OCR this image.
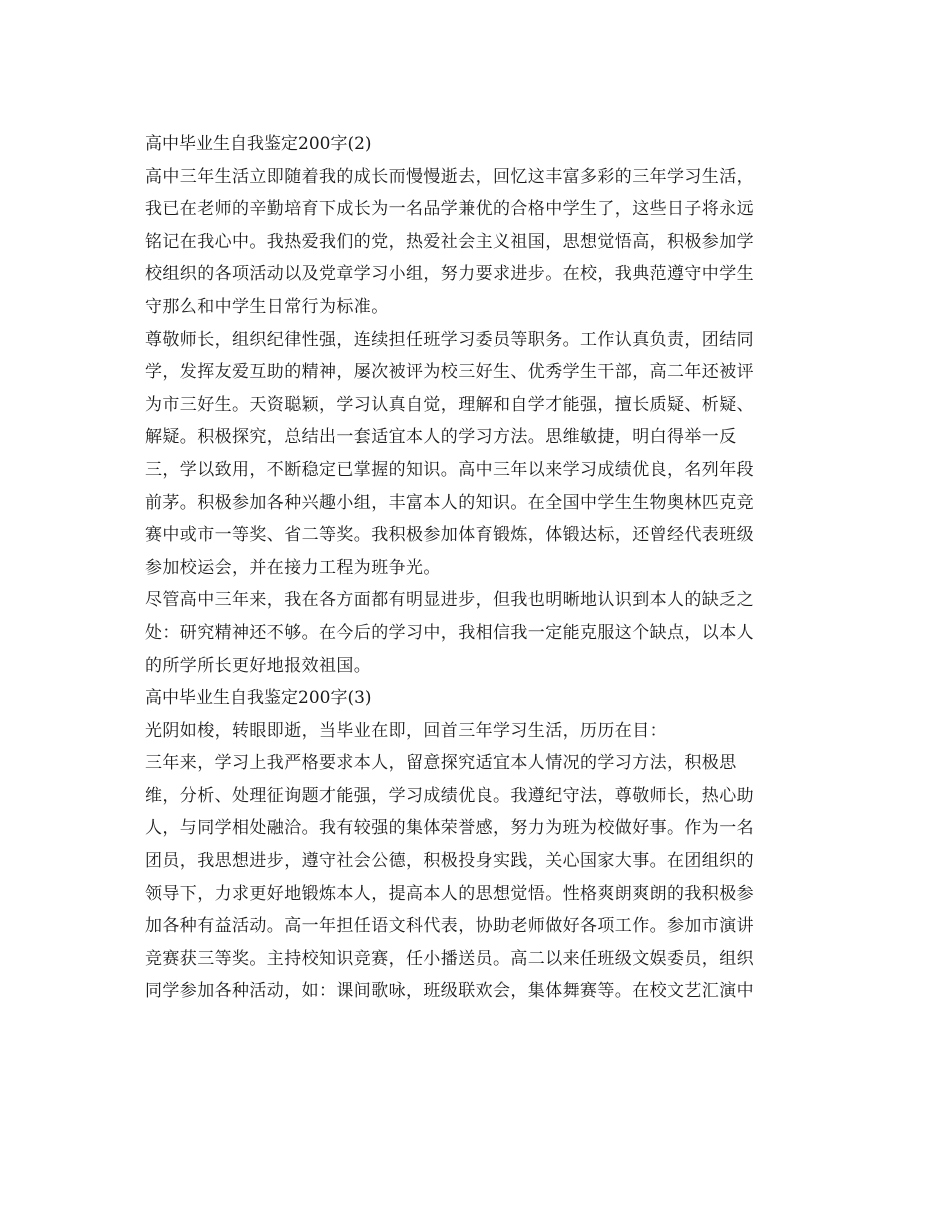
高中毕业生自我鉴定200字(2)
高中三年生活立即随着我的成长而慢慢逝去，回忆这丰富多彩的三年学习生活，
我已在老师的辛勤培育下成长为一名品学兼优的合格中学生了，这些日子将永远
铭记在我心中。我热爱我们的党，热爱社会主义祖国，思想觉悟高，积极参加学
校组织的各项活动以及党章学习小组，努力要求进步。在校，我典范遵守中学生
守那么和中学生日常行为标准。
尊敬师长，组织纪律性强，连续担任班学习委员等职务。工作认真负责，团结同
学，发挥友爱互助的精神，屡次被评为校三好生、优秀学生干部，高二年还被评
为市三好生。天资聪颖，学习认真自觉，理解和自学才能强，擅长质疑、析疑、
解疑。积极探究，总结出一套适宜本人的学习方法。思维敏捷，明白得举一反
三，学以致用，不断稳定已掌握的知识。高中三年以来学习成绩优良，名列年段
前茅。积极参加各种兴趣小组，丰富本人的知识。在全国中学生生物奥林匹克竞
赛中或市一等奖、省二等奖。我积极参加体育锻炼，体锻达标，还曾经代表班级
参加校运会，并在接力工程为班争光。
尽管高中三年来，我在各方面都有明显进步，但我也明晰地认识到本人的缺乏之
处：研究精神还不够。在今后的学习中，我相信我一定能克服这个缺点，以本人
的所学所长更好地报效祖国。
高中毕业生自我鉴定200字(3)
光阴如梭，转眼即逝，当毕业在即，回首三年学习生活，历历在目：
三年来，学习上我严格要求本人，留意探究适宜本人情况的学习方法，积极思
维，分析、处理征询题才能强，学习成绩优良。我遵纪守法，尊敬师长，热心助
人，与同学相处融洽。我有较强的集体荣誉感，努力为班为校做好事。作为一名
团员，我思想进步，遵守社会公德，积极投身实践，关心国家大事。在团组织的
领导下，力求更好地锻炼本人，提高本人的思想觉悟。性格爽朗爽朗的我积极参
加各种有益活动。高一年担任语文科代表，协助老师做好各项工作。参加市演讲
竞赛获三等奖。主持校知识竞赛，任小播送员。高二以来任班级文娱委员，组织
同学参加各种活动，如：课间歌咏，班级联欢会，集体舞赛等。在校文艺汇演中
